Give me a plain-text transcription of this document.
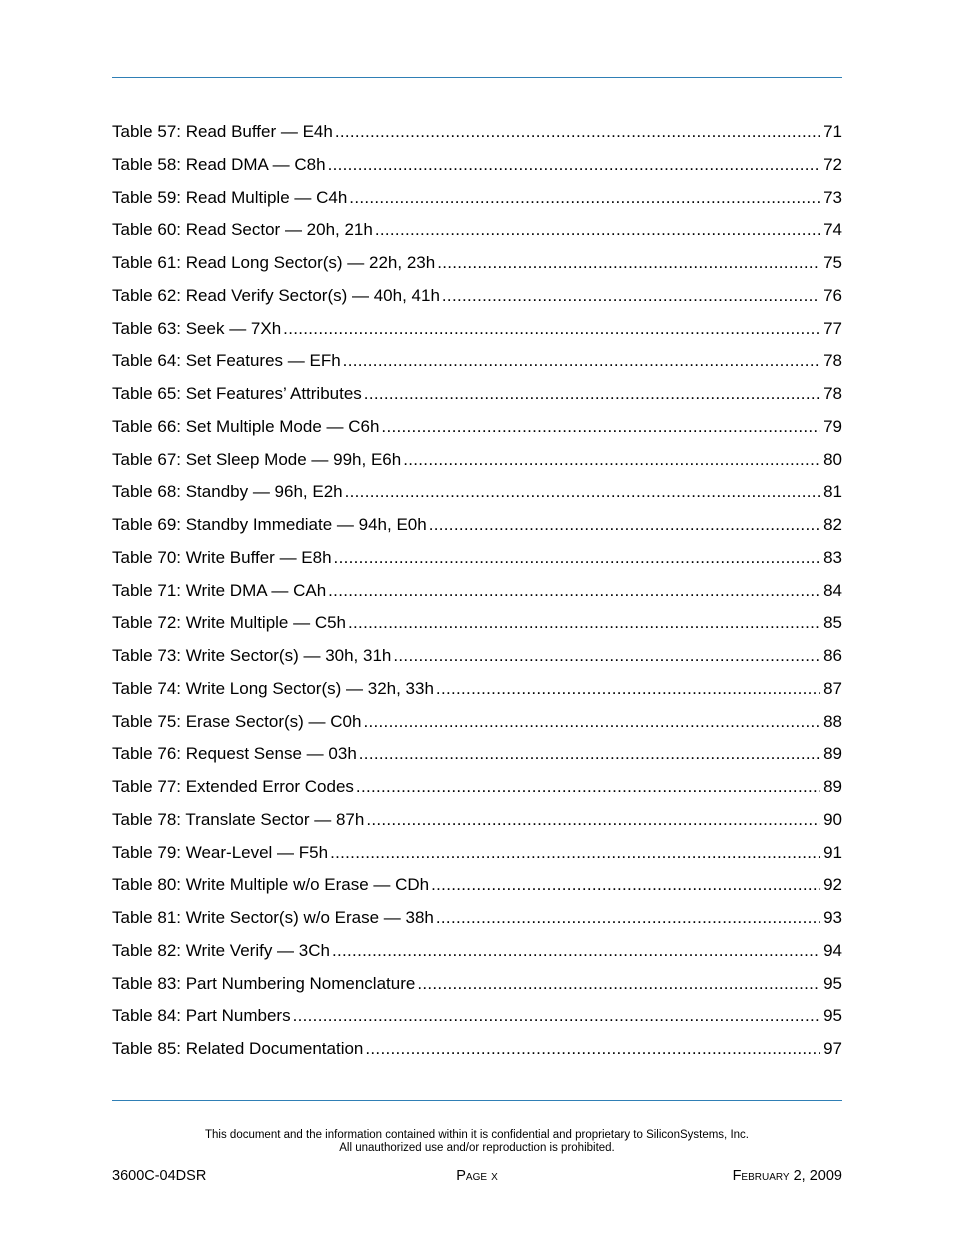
Table 57: Read Buffer — E4h .....	71
Table 58: Read DMA — C8h .....	72
Table 59: Read Multiple — C4h .....	73
Table 60: Read Sector — 20h, 21h .....	74
Table 61: Read Long Sector(s) — 22h, 23h .....	75
Table 62: Read Verify Sector(s) — 40h, 41h .....	76
Table 63: Seek — 7Xh .....	77
Table 64: Set Features — EFh .....	78
Table 65: Set Features’ Attributes .....	78
Table 66: Set Multiple Mode — C6h .....	79
Table 67: Set Sleep Mode — 99h, E6h .....	80
Table 68: Standby — 96h, E2h .....	81
Table 69: Standby Immediate — 94h, E0h .....	82
Table 70: Write Buffer — E8h .....	83
Table 71: Write DMA — CAh .....	84
Table 72: Write Multiple — C5h .....	85
Table 73: Write Sector(s) — 30h, 31h .....	86
Table 74: Write Long Sector(s) — 32h, 33h .....	87
Table 75: Erase Sector(s) — C0h .....	88
Table 76: Request Sense — 03h .....	89
Table 77: Extended Error Codes .....	89
Table 78: Translate Sector — 87h .....	90
Table 79: Wear-Level — F5h .....	91
Table 80: Write Multiple w/o Erase — CDh .....	92
Table 81: Write Sector(s) w/o Erase — 38h .....	93
Table 82: Write Verify — 3Ch .....	94
Table 83: Part Numbering Nomenclature .....	95
Table 84: Part Numbers .....	95
Table 85: Related Documentation .....	97
This document and the information contained within it is confidential and proprietary to SiliconSystems, Inc.
All unauthorized use and/or reproduction is prohibited.
3600C-04DSR	Page x	February 2, 2009
